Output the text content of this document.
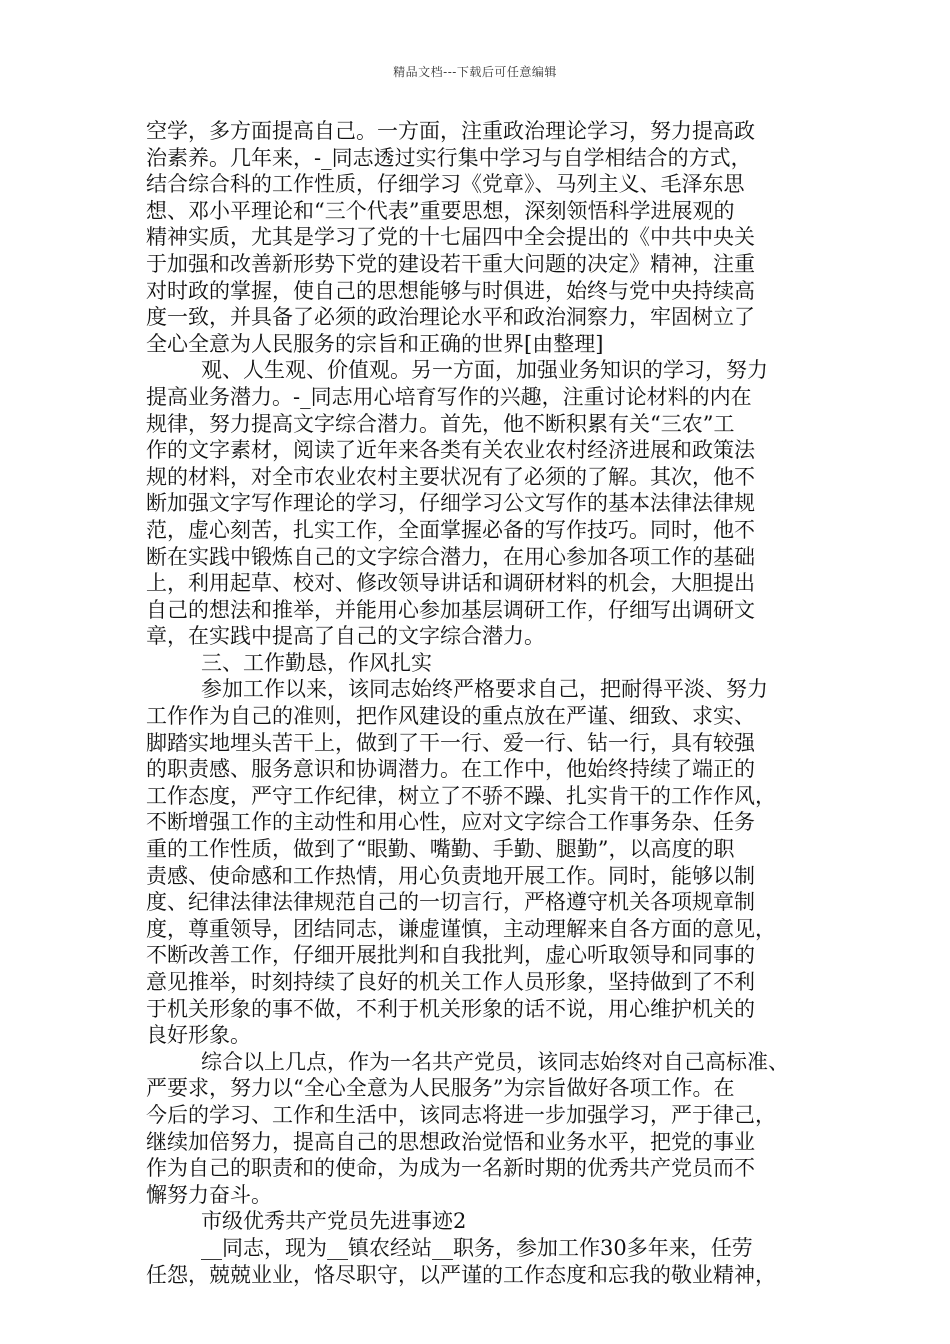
精品文档---下载后可任意编辑
空学，多方面提高自己。一方面，注重政治理论学习，努力提高政
治素养。几年来，-_同志透过实行集中学习与自学相结合的方式，
结合综合科的工作性质，仔细学习《党章》、马列主义、毛泽东思
想、邓小平理论和“三个代表”重要思想，深刻领悟科学进展观的
精神实质，尤其是学习了党的十七届四中全会提出的《中共中央关
于加强和改善新形势下党的建设若干重大问题的决定》精神，注重
对时政的掌握，使自己的思想能够与时俱进，始终与党中央持续高
度一致，并具备了必须的政治理论水平和政治洞察力，牢固树立了
全心全意为人民服务的宗旨和正确的世界[由整理]
观、人生观、价值观。另一方面，加强业务知识的学习，努力
提高业务潜力。-_同志用心培育写作的兴趣，注重讨论材料的内在
规律，努力提高文字综合潜力。首先，他不断积累有关“三农”工
作的文字素材，阅读了近年来各类有关农业农村经济进展和政策法
规的材料，对全市农业农村主要状况有了必须的了解。其次，他不
断加强文字写作理论的学习，仔细学习公文写作的基本法律法律规
范，虚心刻苦，扎实工作，全面掌握必备的写作技巧。同时，他不
断在实践中锻炼自己的文字综合潜力，在用心参加各项工作的基础
上，利用起草、校对、修改领导讲话和调研材料的机会，大胆提出
自己的想法和推举，并能用心参加基层调研工作，仔细写出调研文
章，在实践中提高了自己的文字综合潜力。
三、工作勤恳，作风扎实
参加工作以来，该同志始终严格要求自己，把耐得平淡、努力
工作作为自己的准则，把作风建设的重点放在严谨、细致、求实、
脚踏实地埋头苦干上，做到了干一行、爱一行、钻一行，具有较强
的职责感、服务意识和协调潜力。在工作中，他始终持续了端正的
工作态度，严守工作纪律，树立了不骄不躁、扎实肯干的工作作风，
不断增强工作的主动性和用心性，应对文字综合工作事务杂、任务
重的工作性质，做到了“眼勤、嘴勤、手勤、腿勤”，以高度的职
责感、使命感和工作热情，用心负责地开展工作。同时，能够以制
度、纪律法律法律规范自己的一切言行，严格遵守机关各项规章制
度，尊重领导，团结同志，谦虚谨慎，主动理解来自各方面的意见，
不断改善工作，仔细开展批判和自我批判，虚心听取领导和同事的
意见推举，时刻持续了良好的机关工作人员形象，坚持做到了不利
于机关形象的事不做，不利于机关形象的话不说，用心维护机关的
良好形象。
综合以上几点，作为一名共产党员，该同志始终对自己高标准、
严要求，努力以“全心全意为人民服务”为宗旨做好各项工作。在
今后的学习、工作和生活中，该同志将进一步加强学习，严于律己，
继续加倍努力，提高自己的思想政治觉悟和业务水平，把党的事业
作为自己的职责和的使命，为成为一名新时期的优秀共产党员而不
懈努力奋斗。
市级优秀共产党员先进事迹2
__同志，现为__镇农经站__职务，参加工作30多年来，任劳
任怨，兢兢业业，恪尽职守，以严谨的工作态度和忘我的敬业精神，
